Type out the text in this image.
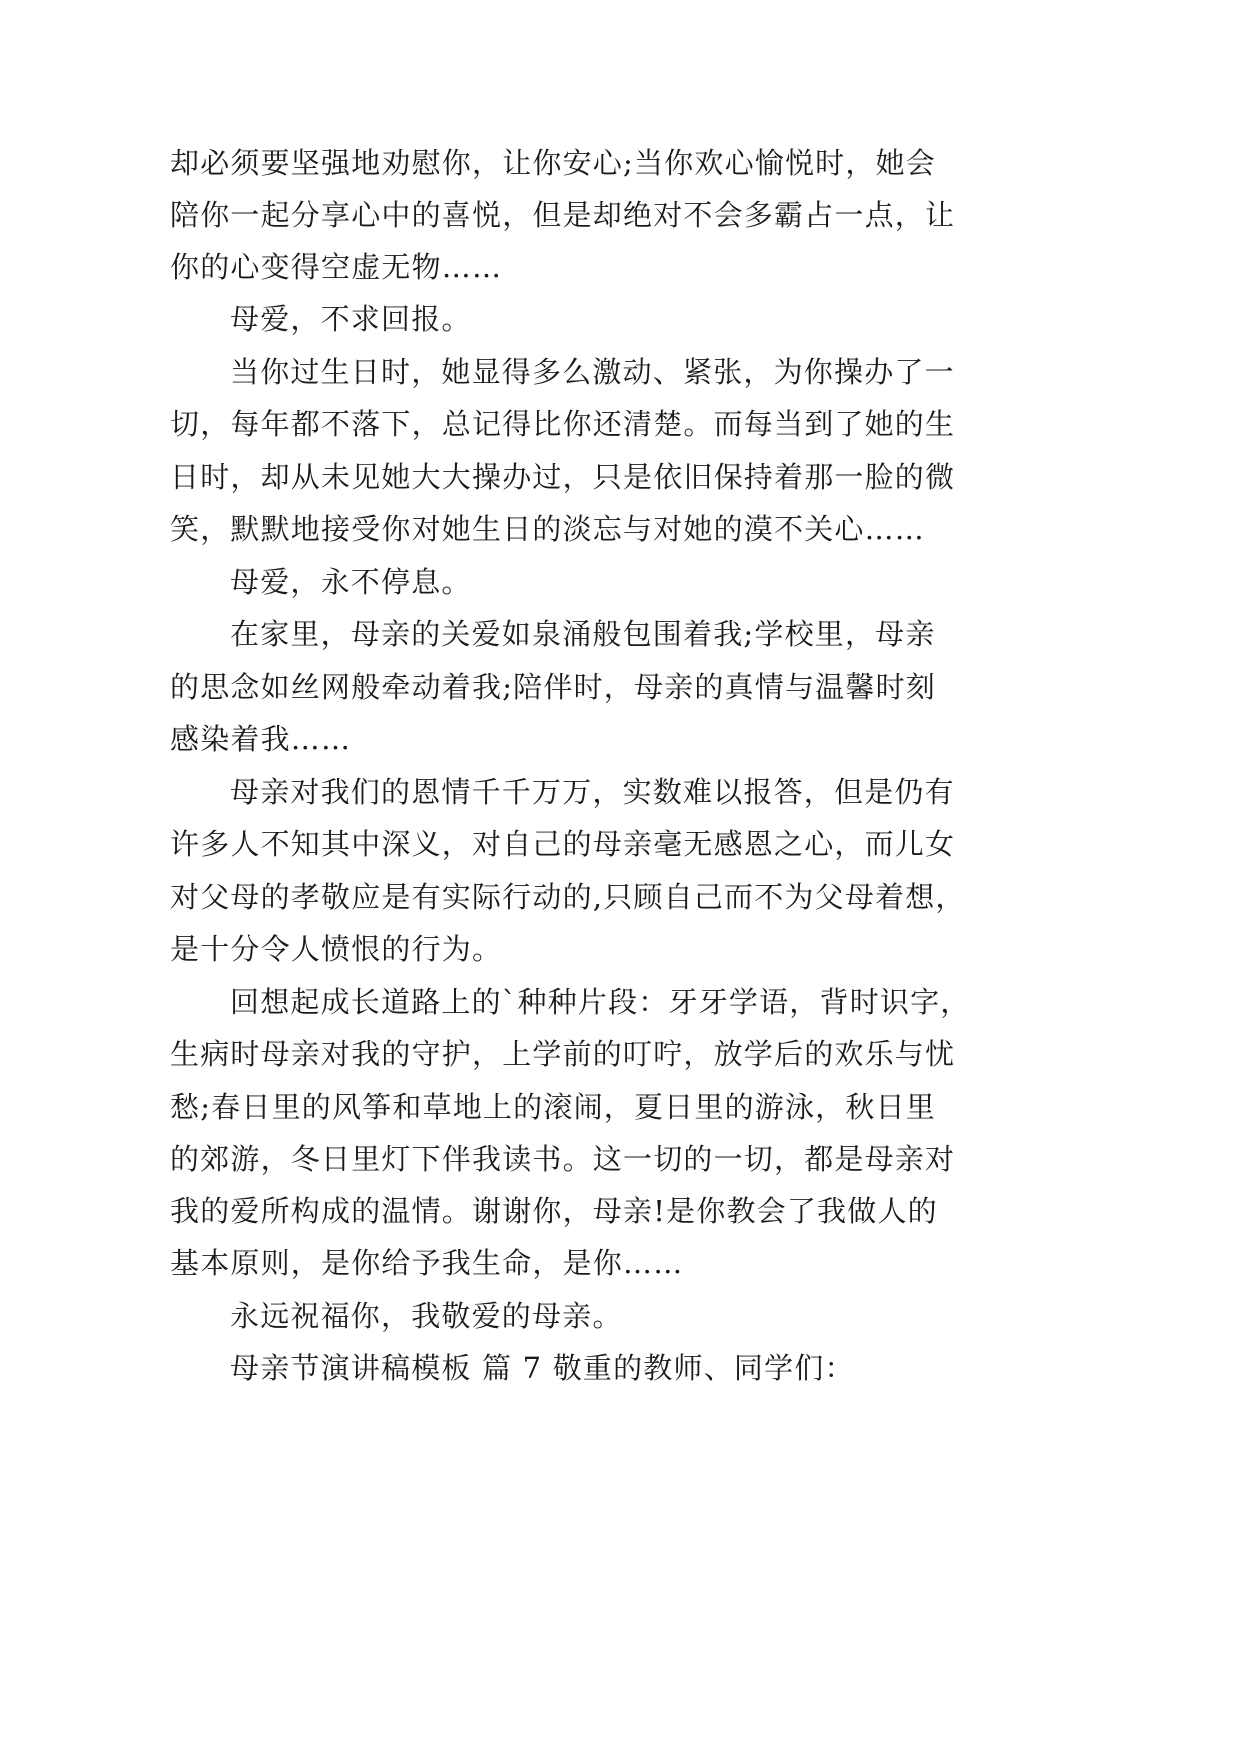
却必须要坚强地劝慰你，让你安心;当你欢心愉悦时，她会
陪你一起分享心中的喜悦，但是却绝对不会多霸占一点，让
你的心变得空虚无物……
母爱，不求回报。
当你过生日时，她显得多么激动、紧张，为你操办了一
切，每年都不落下，总记得比你还清楚。而每当到了她的生
日时，却从未见她大大操办过，只是依旧保持着那一脸的微
笑，默默地接受你对她生日的淡忘与对她的漠不关心……
母爱，永不停息。
在家里，母亲的关爱如泉涌般包围着我;学校里，母亲
的思念如丝网般牵动着我;陪伴时，母亲的真情与温馨时刻
感染着我……
母亲对我们的恩情千千万万，实数难以报答，但是仍有
许多人不知其中深义，对自己的母亲毫无感恩之心，而儿女
对父母的孝敬应是有实际行动的,只顾自己而不为父母着想，
是十分令人愤恨的行为。
回想起成长道路上的`种种片段：牙牙学语，背时识字，
生病时母亲对我的守护，上学前的叮咛，放学后的欢乐与忧
愁;春日里的风筝和草地上的滚闹，夏日里的游泳，秋日里
的郊游，冬日里灯下伴我读书。这一切的一切，都是母亲对
我的爱所构成的温情。谢谢你，母亲!是你教会了我做人的
基本原则，是你给予我生命，是你……
永远祝福你，我敬爱的母亲。
母亲节演讲稿模板 篇 7 敬重的教师、同学们：
